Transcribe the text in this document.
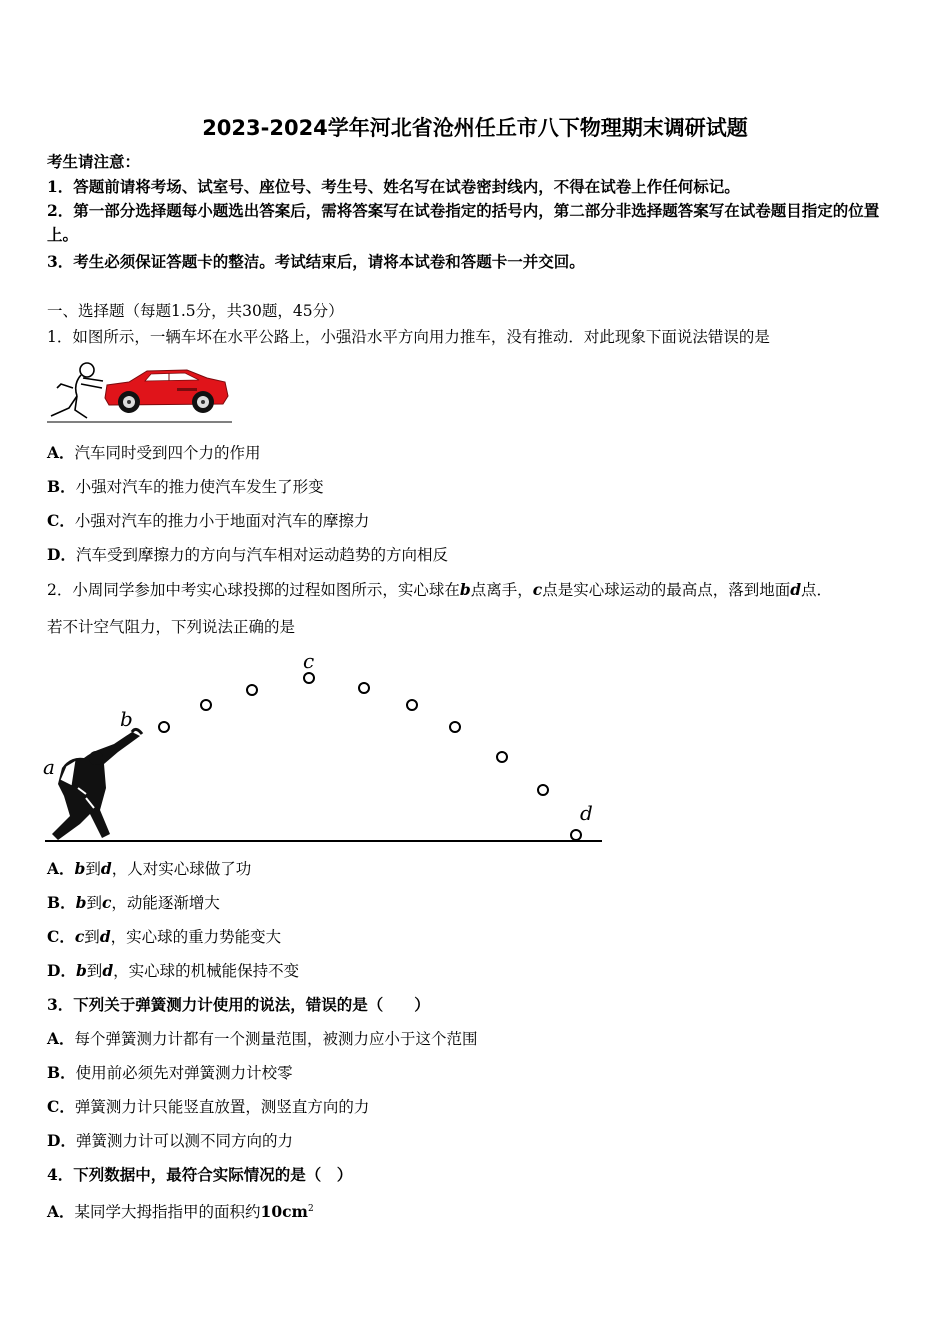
2023-2024学年河北省沧州任丘市八下物理期末调研试题
考生请注意：
1．答题前请将考场、试室号、座位号、考生号、姓名写在试卷密封线内，不得在试卷上作任何标记。
2．第一部分选择题每小题选出答案后，需将答案写在试卷指定的括号内，第二部分非选择题答案写在试卷题目指定的位置上。
3．考生必须保证答题卡的整洁。考试结束后，请将本试卷和答题卡一并交回。
一、选择题（每题1.5分，共30题，45分）
1．如图所示，一辆车坏在水平公路上，小强沿水平方向用力推车，没有推动．对此现象下面说法错误的是
A．汽车同时受到四个力的作用
B．小强对汽车的推力使汽车发生了形变
C．小强对汽车的推力小于地面对汽车的摩擦力
D．汽车受到摩擦力的方向与汽车相对运动趋势的方向相反
2．小周同学参加中考实心球投掷的过程如图所示，实心球在b点离手，c点是实心球运动的最高点，落到地面d点．
若不计空气阻力，下列说法正确的是
a
b
c
d
A．b到d，人对实心球做了功
B．b到c，动能逐渐增大
C．c到d，实心球的重力势能变大
D．b到d，实心球的机械能保持不变
3．下列关于弹簧测力计使用的说法，错误的是（　　）
A．每个弹簧测力计都有一个测量范围，被测力应小于这个范围
B．使用前必须先对弹簧测力计校零
C．弹簧测力计只能竖直放置，测竖直方向的力
D．弹簧测力计可以测不同方向的力
4．下列数据中，最符合实际情况的是（　）
A．某同学大拇指指甲的面积约$10cm^2$
